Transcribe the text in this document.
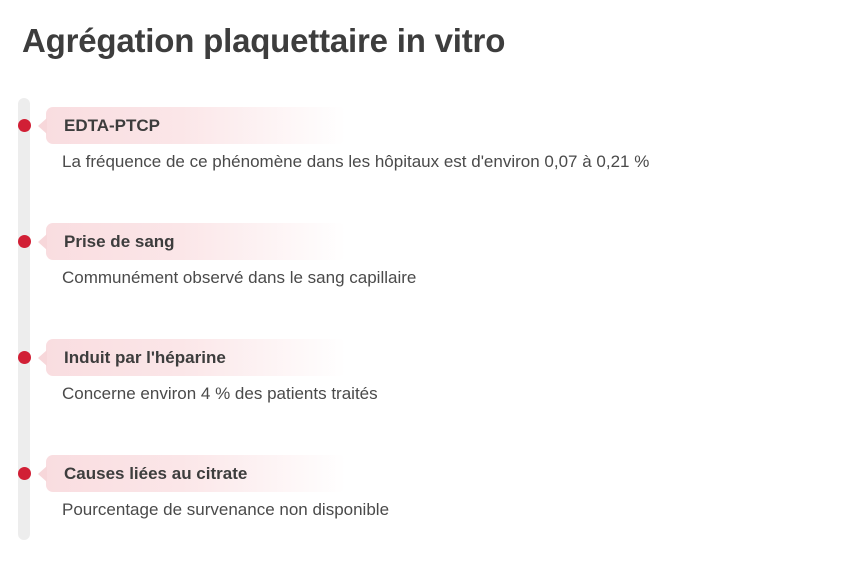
Agrégation plaquettaire in vitro
EDTA-PTCP
La fréquence de ce phénomène dans les hôpitaux est d'environ 0,07 à 0,21 %
Prise de sang
Communément observé dans le sang capillaire
Induit par l'héparine
Concerne environ 4 % des patients traités
Causes liées au citrate
Pourcentage de survenance non disponible
